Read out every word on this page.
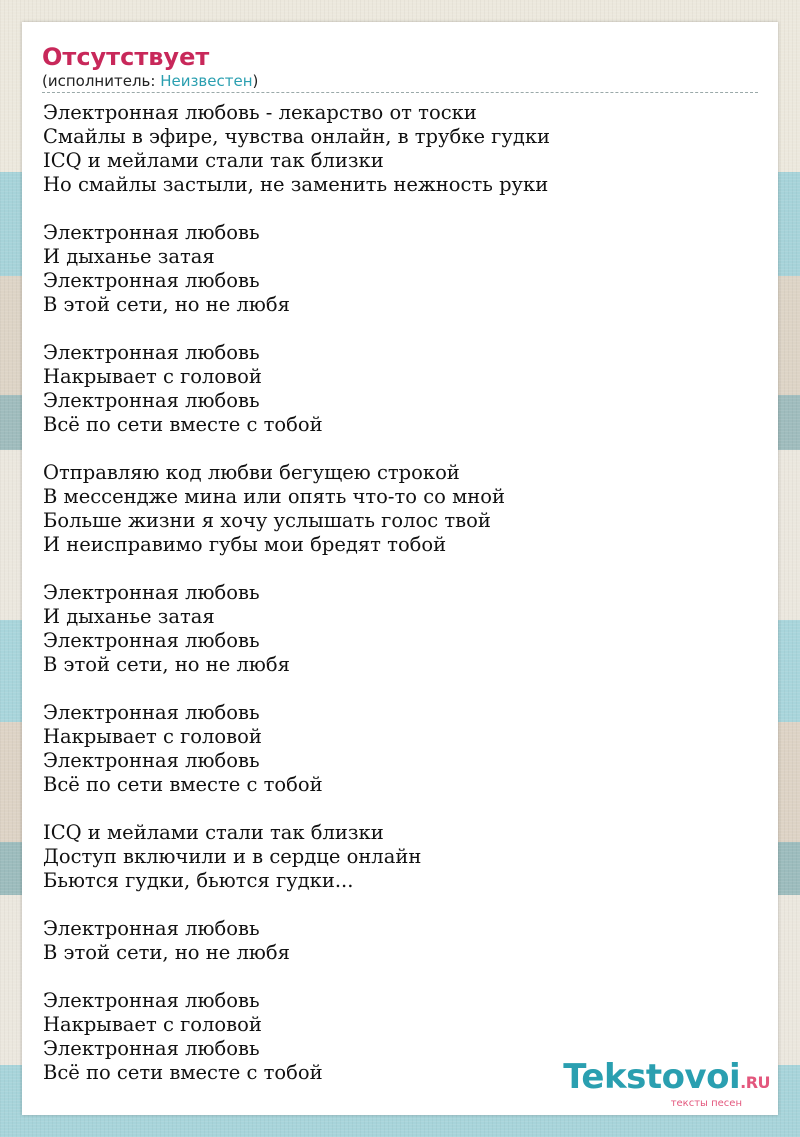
Отсутствует
(исполнитель: Неизвестен)
Электронная любовь - лекарство от тоски
Смайлы в эфире, чувства онлайн, в трубке гудки
ICQ и мейлами стали так близки
Но смайлы застыли, не заменить нежность руки
Электронная любовь
И дыханье затая
Электронная любовь
В этой сети, но не любя
Электронная любовь
Накрывает с головой
Электронная любовь
Всё по сети вместе с тобой
Отправляю код любви бегущею строкой
В мессендже мина или опять что-то со мной
Больше жизни я хочу услышать голос твой
И неисправимо губы мои бредят тобой
Электронная любовь
И дыханье затая
Электронная любовь
В этой сети, но не любя
Электронная любовь
Накрывает с головой
Электронная любовь
Всё по сети вместе с тобой
ICQ и мейлами стали так близки
Доступ включили и в сердце онлайн
Бьются гудки, бьются гудки...
Электронная любовь
В этой сети, но не любя
Электронная любовь
Накрывает с головой
Электронная любовь
Всё по сети вместе с тобой	Tekstovoi.RU
тексты песен
